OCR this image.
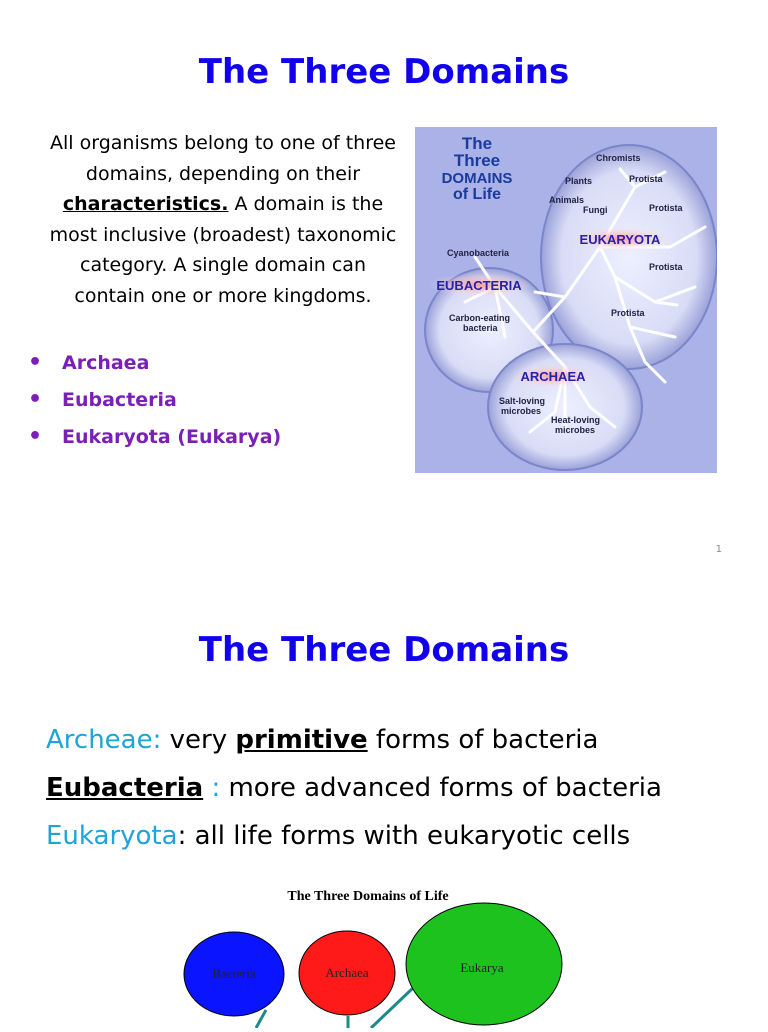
The Three Domains
All organisms belong to one of three domains, depending on their characteristics. A domain is the most inclusive (broadest) taxonomic category. A single domain can contain one or more kingdoms.
• Archaea
• Eubacteria
• Eukaryota (Eukarya)
The
Three
DOMAINS
of Life
EUKARYOTA
EUBACTERIA
ARCHAEA
Chromists
Plants	Protista
Animals
Fungi	Protista
Protista
Protista
Cyanobacteria
Carbon-eating
bacteria
Salt-loving
microbes
Heat-loving
microbes
1
The Three Domains
Archeae: very primitive forms of bacteria
Eubacteria : more advanced forms of bacteria
Eukaryota: all life forms with eukaryotic cells
The Three Domains of Life
Bacteria	Archaea	Eukarya
